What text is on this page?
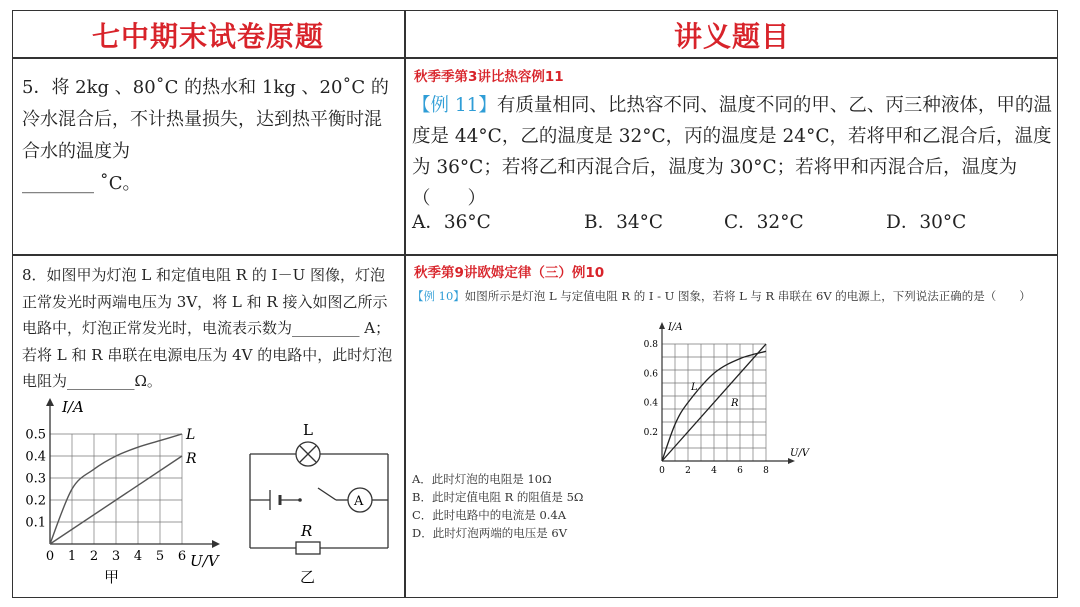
七中期末试卷原题	讲义题目
5．将 2kg 、80˚C 的热水和 1kg 、20˚C 的冷水混合后，不计热量损失，达到热平衡时混合水的温度为
________ ˚C。
秋季季第3讲比热容例11
【例 11】有质量相同、比热容不同、温度不同的甲、乙、丙三种液体，甲的温度是 44°C，乙的温度是 32°C，丙的温度是 24°C，若将甲和乙混合后，温度为 36°C；若将乙和丙混合后，温度为 30°C；若将甲和丙混合后，温度为（　　）
A．36°C	B．34°C	C．32°C	D．30°C
8．如图甲为灯泡 L 和定值电阻 R 的 I－U 图像，灯泡正常发光时两端电压为 3V，将 L 和 R 接入如图乙所示电路中，灯泡正常发光时，电流表示数为_________ A；若将 L 和 R 串联在电源电压为 4V 的电路中，此时灯泡电阻为_________Ω。
I/A
U/V
0.5
0.4
0.3
0.2
0.1
0 1 2 3 4 5 6
L
R
甲
L
A
R
乙
秋季第9讲欧姆定律（三）例10
【例 10】如图所示是灯泡 L 与定值电阻 R 的 I - U 图象，若将 L 与 R 串联在 6V 的电源上，下列说法正确的是（　　）
I/A
U/V
0.8
0.6
0.4
0.2
0 2 4 6 8
L
R
A．此时灯泡的电阻是 10Ω
B．此时定值电阻 R 的阻值是 5Ω
C．此时电路中的电流是 0.4A
D．此时灯泡两端的电压是 6V
